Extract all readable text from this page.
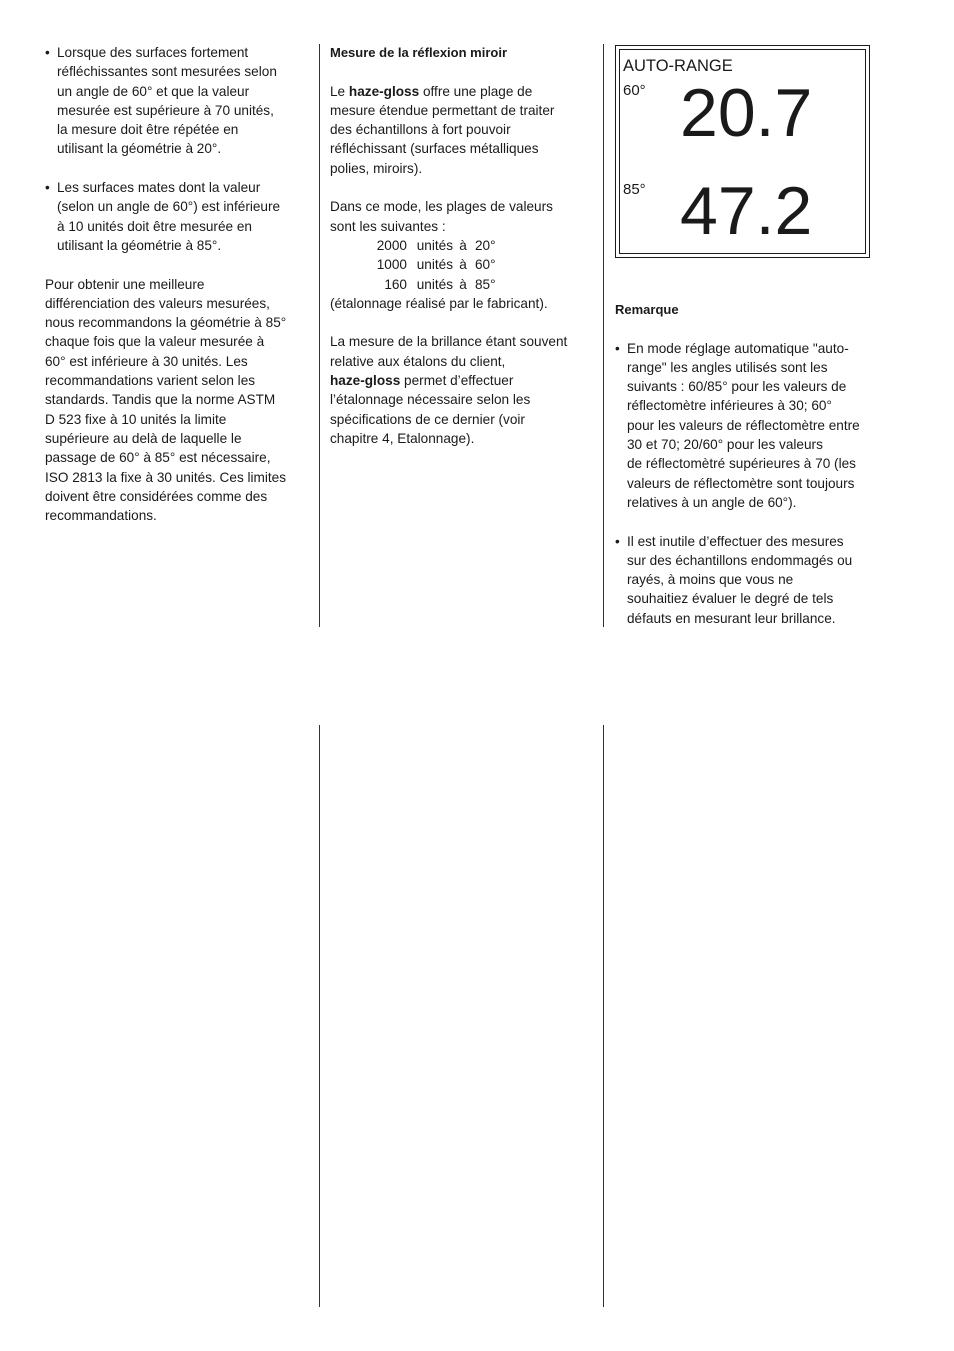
• Lorsque des surfaces fortement

réfléchissantes sont mesurées selon

un angle de 60° et que la valeur

mesurée est supérieure à 70 unités,

la mesure doit être répétée en

utilisant la géométrie à 20°.

• Les surfaces mates dont la valeur

(selon un angle de 60°) est inférieure

à 10 unités doit être mesurée en

utilisant la géométrie à 85°.

Pour obtenir une meilleure

différenciation des valeurs mesurées,

nous recommandons la géométrie à 85°

chaque fois que la valeur mesurée à

60° est inférieure à 30 unités. Les

recommandations varient selon les

standards. Tandis que la norme ASTM

D 523 fixe à 10 unités la limite

supérieure au delà de laquelle le

passage de 60° à 85° est nécessaire,

ISO 2813 la fixe à 30 unités. Ces limites

doivent être considérées comme des

recommandations.

Mesure de la réflexion miroir

Le haze-gloss offre une plage de

mesure étendue permettant de traiter

des échantillons à fort pouvoir

réfléchissant (surfaces métalliques

polies, miroirs).

Dans ce mode, les plages de valeurs

sont les suivantes :

2000 unités à 20°

1000 unités à 60°

160 unités à 85°

(étalonnage réalisé par le fabricant).

La mesure de la brillance étant souvent

relative aux étalons du client,

haze-gloss permet d’effectuer

l’étalonnage nécessaire selon les

spécifications de ce dernier (voir

chapitre 4, Etalonnage).

AUTO-RANGE
60° 20.7
85° 47.2

Remarque

• En mode réglage automatique "auto-

range" les angles utilisés sont les

suivants : 60/85° pour les valeurs de

réflectomètre inférieures à 30; 60°

pour les valeurs de réflectomètre entre

30 et 70; 20/60° pour les valeurs

de réflectomètré supérieures à 70 (les

valeurs de réflectomètre sont toujours

relatives à un angle de 60°).

• Il est inutile d’effectuer des mesures

sur des échantillons endommagés ou

rayés, à moins que vous ne

souhaitiez évaluer le degré de tels

défauts en mesurant leur brillance.
